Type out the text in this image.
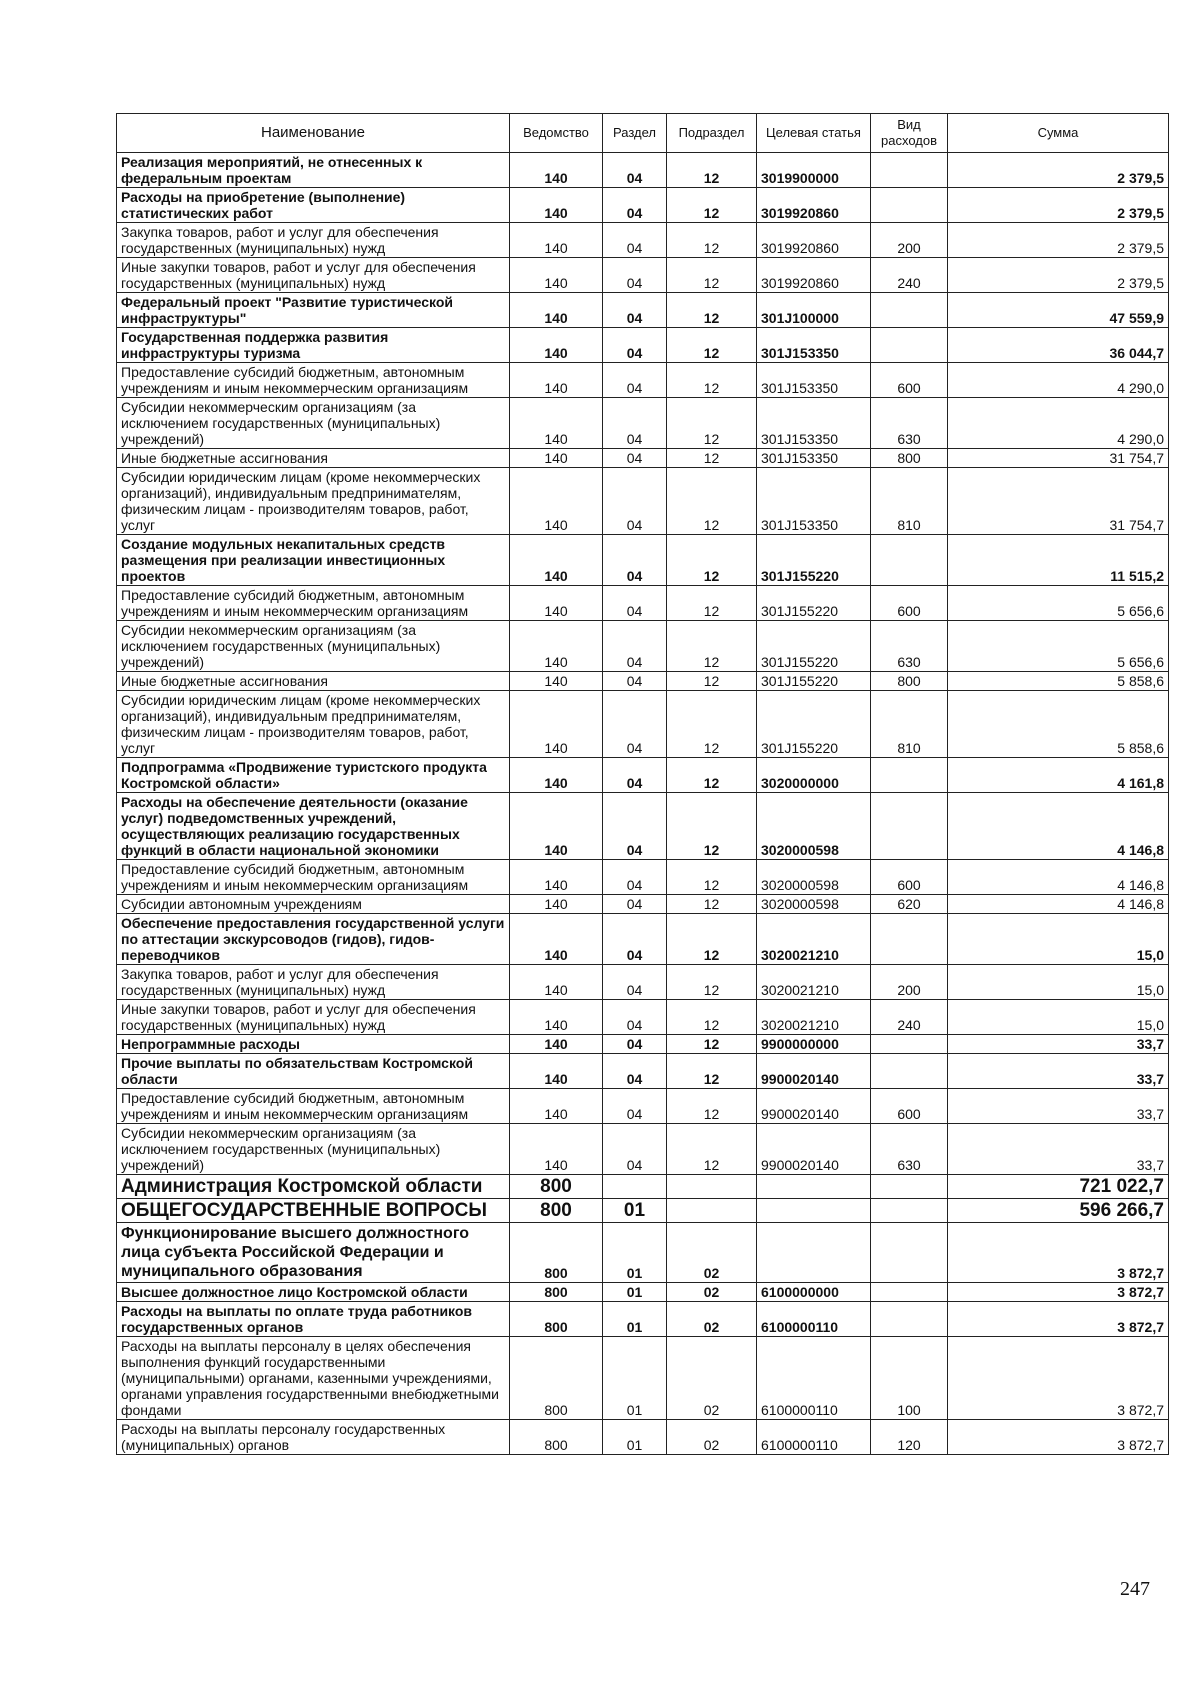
Наименование	Ведомство	Раздел	Подраздел	Целевая статья	Вид расходов	Сумма
Реализация мероприятий, не отнесенных к федеральным проектам	140	04	12	3019900000		2 379,5
Расходы на приобретение (выполнение) статистических работ	140	04	12	3019920860		2 379,5
Закупка товаров, работ и услуг для обеспечения государственных (муниципальных) нужд	140	04	12	3019920860	200	2 379,5
Иные закупки товаров, работ и услуг для обеспечения государственных (муниципальных) нужд	140	04	12	3019920860	240	2 379,5
Федеральный проект "Развитие туристической инфраструктуры"	140	04	12	301J100000		47 559,9
Государственная поддержка развития инфраструктуры туризма	140	04	12	301J153350		36 044,7
Предоставление субсидий бюджетным, автономным учреждениям и иным некоммерческим организациям	140	04	12	301J153350	600	4 290,0
Субсидии некоммерческим организациям (за исключением государственных (муниципальных) учреждений)	140	04	12	301J153350	630	4 290,0
Иные бюджетные ассигнования	140	04	12	301J153350	800	31 754,7
Субсидии юридическим лицам (кроме некоммерческих организаций), индивидуальным предпринимателям, физическим лицам - производителям товаров, работ, услуг	140	04	12	301J153350	810	31 754,7
Создание модульных некапитальных средств размещения при реализации инвестиционных проектов	140	04	12	301J155220		11 515,2
Предоставление субсидий бюджетным, автономным учреждениям и иным некоммерческим организациям	140	04	12	301J155220	600	5 656,6
Субсидии некоммерческим организациям (за исключением государственных (муниципальных) учреждений)	140	04	12	301J155220	630	5 656,6
Иные бюджетные ассигнования	140	04	12	301J155220	800	5 858,6
Субсидии юридическим лицам (кроме некоммерческих организаций), индивидуальным предпринимателям, физическим лицам - производителям товаров, работ, услуг	140	04	12	301J155220	810	5 858,6
Подпрограмма «Продвижение туристского продукта Костромской области»	140	04	12	3020000000		4 161,8
Расходы на обеспечение деятельности (оказание услуг) подведомственных учреждений, осуществляющих реализацию государственных функций в области национальной экономики	140	04	12	3020000598		4 146,8
Предоставление субсидий бюджетным, автономным учреждениям и иным некоммерческим организациям	140	04	12	3020000598	600	4 146,8
Субсидии автономным учреждениям	140	04	12	3020000598	620	4 146,8
Обеспечение предоставления государственной услуги по аттестации экскурсоводов (гидов), гидов-переводчиков	140	04	12	3020021210		15,0
Закупка товаров, работ и услуг для обеспечения государственных (муниципальных) нужд	140	04	12	3020021210	200	15,0
Иные закупки товаров, работ и услуг для обеспечения государственных (муниципальных) нужд	140	04	12	3020021210	240	15,0
Непрограммные расходы	140	04	12	9900000000		33,7
Прочие выплаты по обязательствам Костромской области	140	04	12	9900020140		33,7
Предоставление субсидий бюджетным, автономным учреждениям и иным некоммерческим организациям	140	04	12	9900020140	600	33,7
Субсидии некоммерческим организациям (за исключением государственных (муниципальных) учреждений)	140	04	12	9900020140	630	33,7
Администрация Костромской области	800					721 022,7
ОБЩЕГОСУДАРСТВЕННЫЕ ВОПРОСЫ	800	01				596 266,7
Функционирование высшего должностного лица субъекта Российской Федерации и муниципального образования	800	01	02			3 872,7
Высшее должностное лицо Костромской области	800	01	02	6100000000		3 872,7
Расходы на выплаты по оплате труда работников государственных органов	800	01	02	6100000110		3 872,7
Расходы на выплаты персоналу в целях обеспечения выполнения функций государственными (муниципальными) органами, казенными учреждениями, органами управления государственными внебюджетными фондами	800	01	02	6100000110	100	3 872,7
Расходы на выплаты персоналу государственных (муниципальных) органов	800	01	02	6100000110	120	3 872,7
247
